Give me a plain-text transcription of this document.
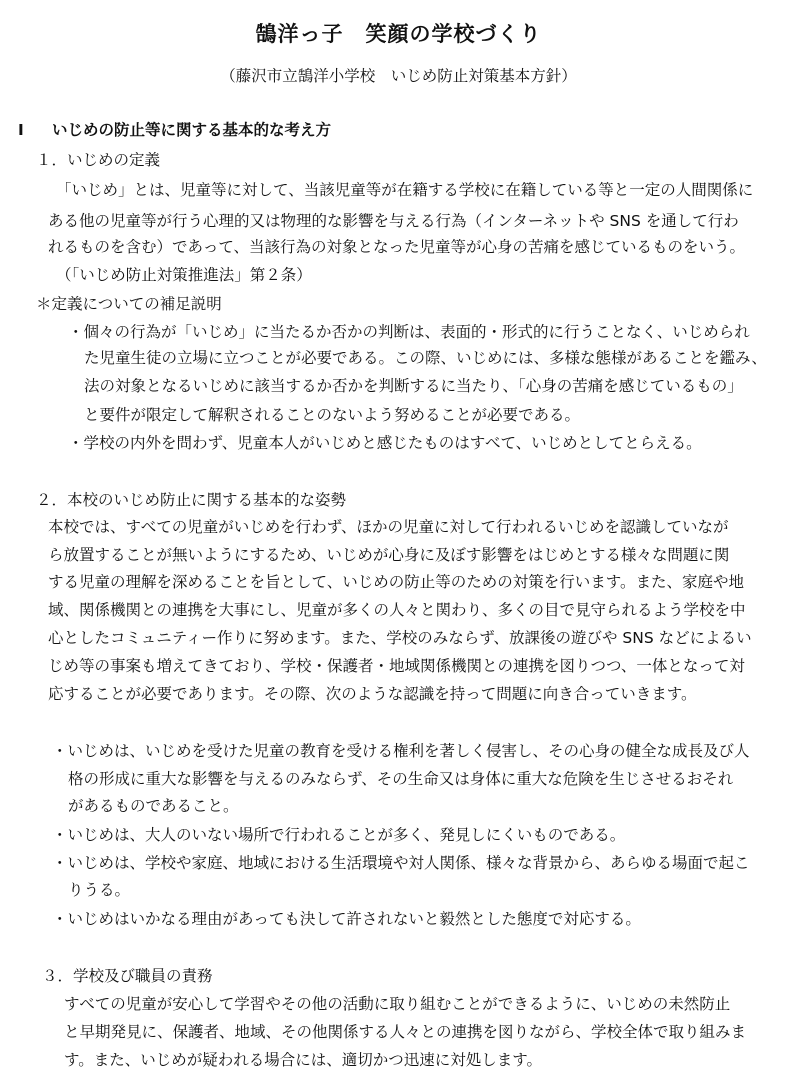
鵠洋っ子　笑顔の学校づくり
（藤沢市立鵠洋小学校　いじめ防止対策基本方針）
Ⅰ いじめの防止等に関する基本的な考え方
１．いじめの定義
「いじめ」とは、児童等に対して、当該児童等が在籍する学校に在籍している等と一定の人間関係に
ある他の児童等が行う心理的又は物理的な影響を与える行為（インターネットや SNS を通して行わ
れるものを含む）であって、当該行為の対象となった児童等が心身の苦痛を感じているものをいう。
（「いじめ防止対策推進法」第２条）
＊定義についての補足説明
・個々の行為が「いじめ」に当たるか否かの判断は、表面的・形式的に行うことなく、いじめられ
た児童生徒の立場に立つことが必要である。この際、いじめには、多様な態様があることを鑑み、
法の対象となるいじめに該当するか否かを判断するに当たり、「心身の苦痛を感じているもの」
と要件が限定して解釈されることのないよう努めることが必要である。
・学校の内外を問わず、児童本人がいじめと感じたものはすべて、いじめとしてとらえる。
２．本校のいじめ防止に関する基本的な姿勢
本校では、すべての児童がいじめを行わず、ほかの児童に対して行われるいじめを認識していなが
ら放置することが無いようにするため、いじめが心身に及ぼす影響をはじめとする様々な問題に関
する児童の理解を深めることを旨として、いじめの防止等のための対策を行います。また、家庭や地
域、関係機関との連携を大事にし、児童が多くの人々と関わり、多くの目で見守られるよう学校を中
心としたコミュニティー作りに努めます。また、学校のみならず、放課後の遊びや SNS などによるい
じめ等の事案も増えてきており、学校・保護者・地域関係機関との連携を図りつつ、一体となって対
応することが必要であります。その際、次のような認識を持って問題に向き合っていきます。
・いじめは、いじめを受けた児童の教育を受ける権利を著しく侵害し、その心身の健全な成長及び人
格の形成に重大な影響を与えるのみならず、その生命又は身体に重大な危険を生じさせるおそれ
があるものであること。
・いじめは、大人のいない場所で行われることが多く、発見しにくいものである。
・いじめは、学校や家庭、地域における生活環境や対人関係、様々な背景から、あらゆる場面で起こ
りうる。
・いじめはいかなる理由があっても決して許されないと毅然とした態度で対応する。
３．学校及び職員の責務
すべての児童が安心して学習やその他の活動に取り組むことができるように、いじめの未然防止
と早期発見に、保護者、地域、その他関係する人々との連携を図りながら、学校全体で取り組みま
す。また、いじめが疑われる場合には、適切かつ迅速に対処します。
